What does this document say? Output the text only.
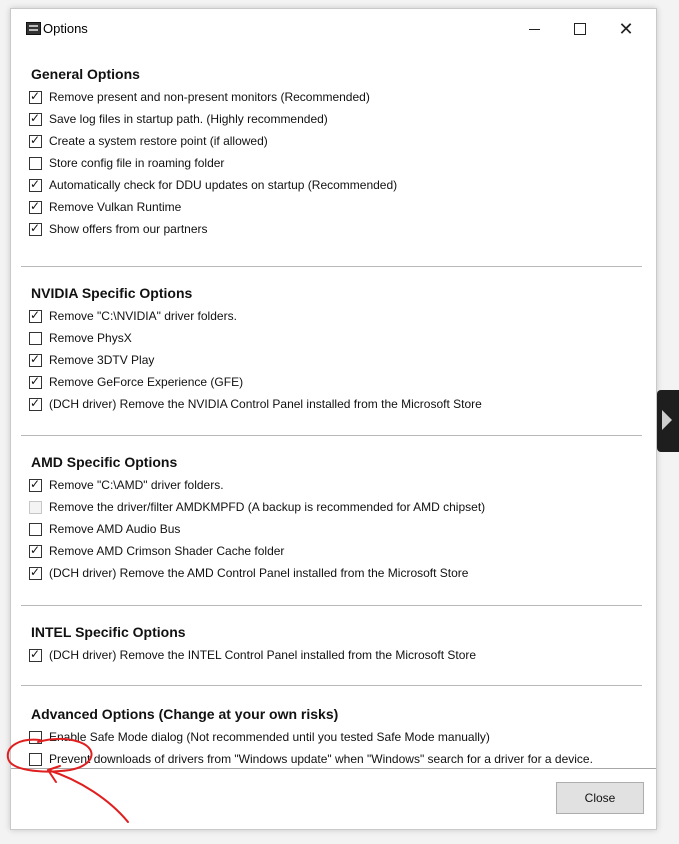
Options	✕
General Options
✓
Remove present and non-present monitors (Recommended)
✓
Save log files in startup path. (Highly recommended)
✓
Create a system restore point (if allowed)
Store config file in roaming folder
✓
Automatically check for DDU updates on startup (Recommended)
✓
Remove Vulkan Runtime
✓
Show offers from our partners
NVIDIA Specific Options
✓
Remove "C:\NVIDIA" driver folders.
Remove PhysX
✓
Remove 3DTV Play
✓
Remove GeForce Experience (GFE)
✓
(DCH driver) Remove the NVIDIA Control Panel installed from the Microsoft Store
AMD Specific Options
✓
Remove "C:\AMD" driver folders.
Remove the driver/filter AMDKMPFD (A backup is recommended for AMD chipset)
Remove AMD Audio Bus
✓
Remove AMD Crimson Shader Cache folder
✓
(DCH driver) Remove the AMD Control Panel installed from the Microsoft Store
INTEL Specific Options
✓
(DCH driver) Remove the INTEL Control Panel installed from the Microsoft Store
Advanced Options (Change at your own risks)
Enable Safe Mode dialog (Not recommended until you tested Safe Mode manually)
Prevent downloads of drivers from "Windows update" when "Windows" search for a driver for a device.
Close
